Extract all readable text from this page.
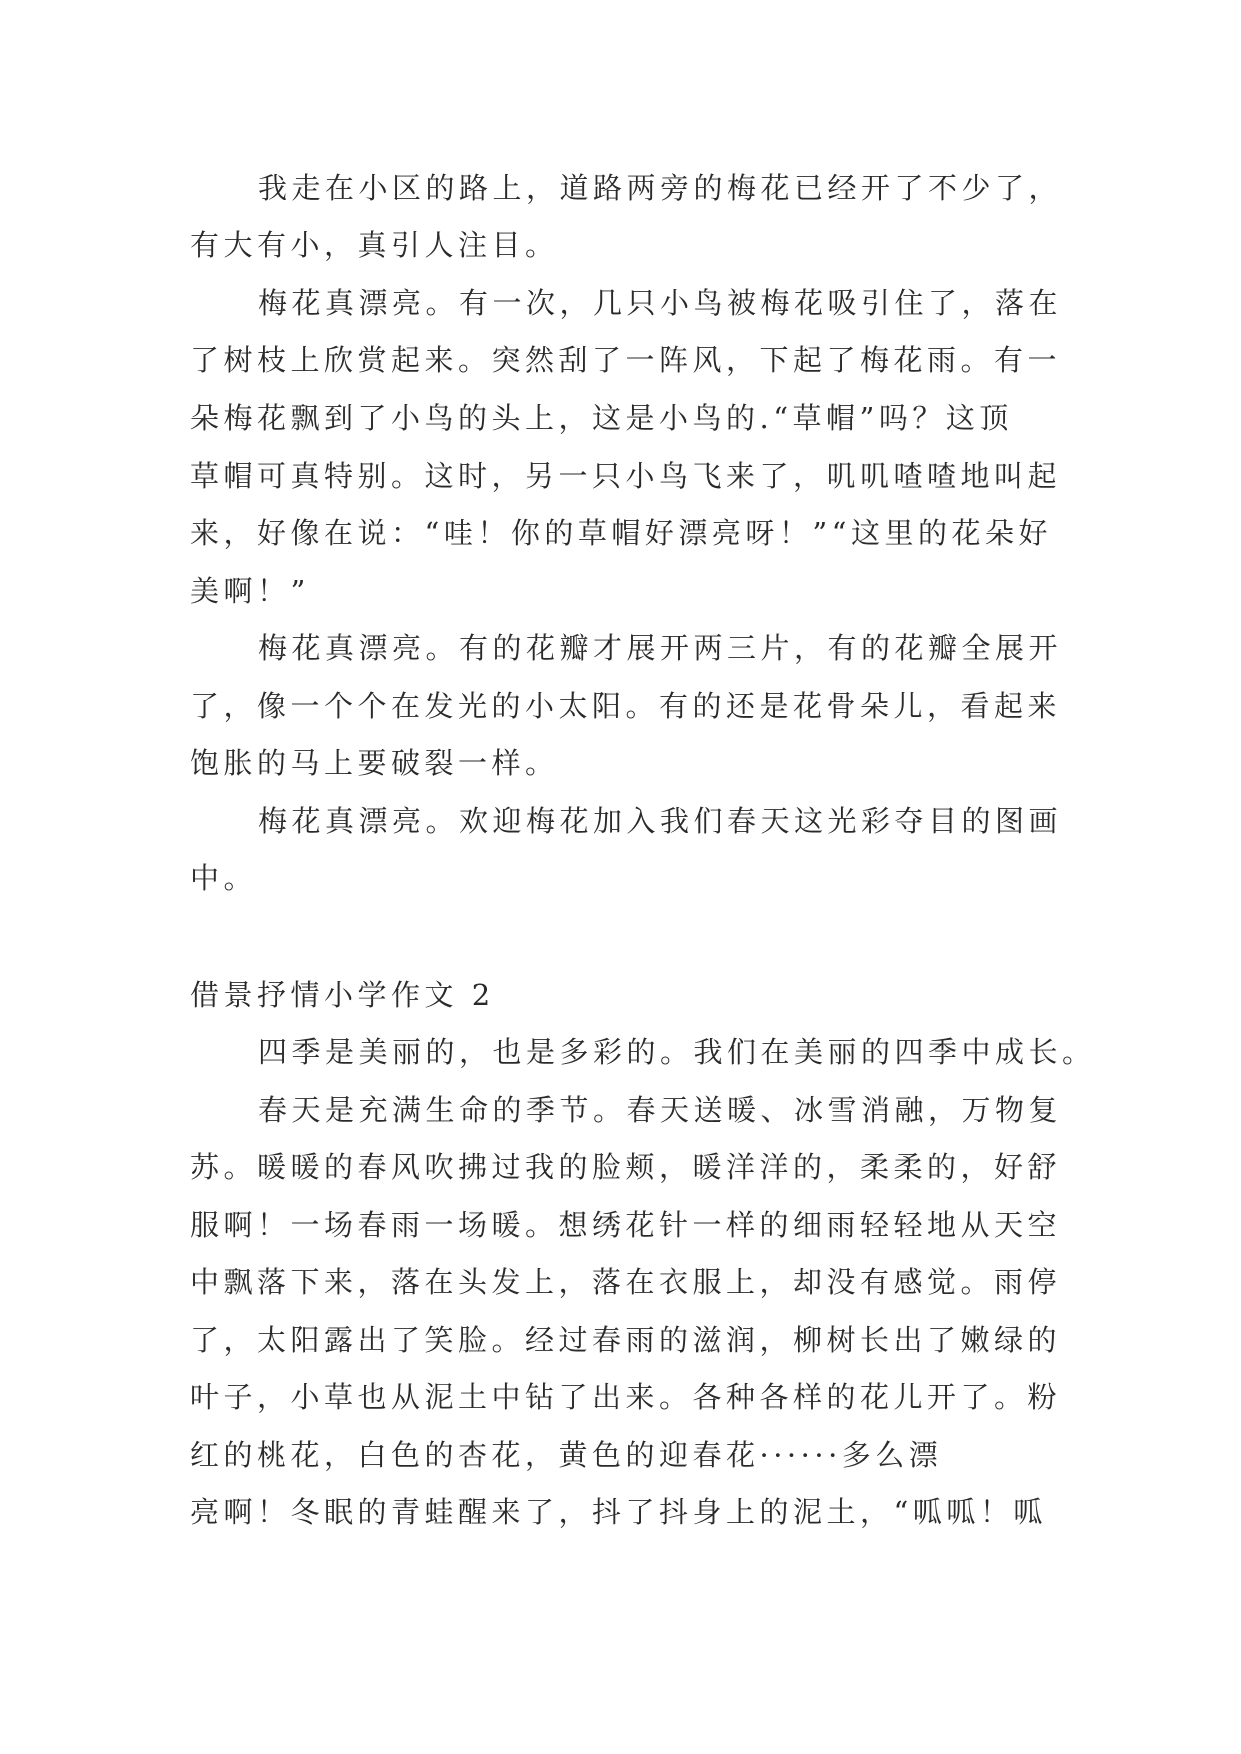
我走在小区的路上，道路两旁的梅花已经开了不少了，
有大有小，真引人注目。
梅花真漂亮。有一次，几只小鸟被梅花吸引住了，落在
了树枝上欣赏起来。突然刮了一阵风，下起了梅花雨。有一
朵梅花飘到了小鸟的头上，这是小鸟的.“草帽”吗？这顶
草帽可真特别。这时，另一只小鸟飞来了，叽叽喳喳地叫起
来，好像在说：“哇！你的草帽好漂亮呀！”“这里的花朵好
美啊！”
梅花真漂亮。有的花瓣才展开两三片，有的花瓣全展开
了，像一个个在发光的小太阳。有的还是花骨朵儿，看起来
饱胀的马上要破裂一样。
梅花真漂亮。欢迎梅花加入我们春天这光彩夺目的图画
中。
借景抒情小学作文 2
四季是美丽的，也是多彩的。我们在美丽的四季中成长。
春天是充满生命的季节。春天送暖、冰雪消融，万物复
苏。暖暖的春风吹拂过我的脸颊，暖洋洋的，柔柔的，好舒
服啊！一场春雨一场暖。想绣花针一样的细雨轻轻地从天空
中飘落下来，落在头发上，落在衣服上，却没有感觉。雨停
了，太阳露出了笑脸。经过春雨的滋润，柳树长出了嫩绿的
叶子，小草也从泥土中钻了出来。各种各样的花儿开了。粉
红的桃花，白色的杏花，黄色的迎春花······多么漂
亮啊！冬眠的青蛙醒来了，抖了抖身上的泥土，“呱呱！呱
